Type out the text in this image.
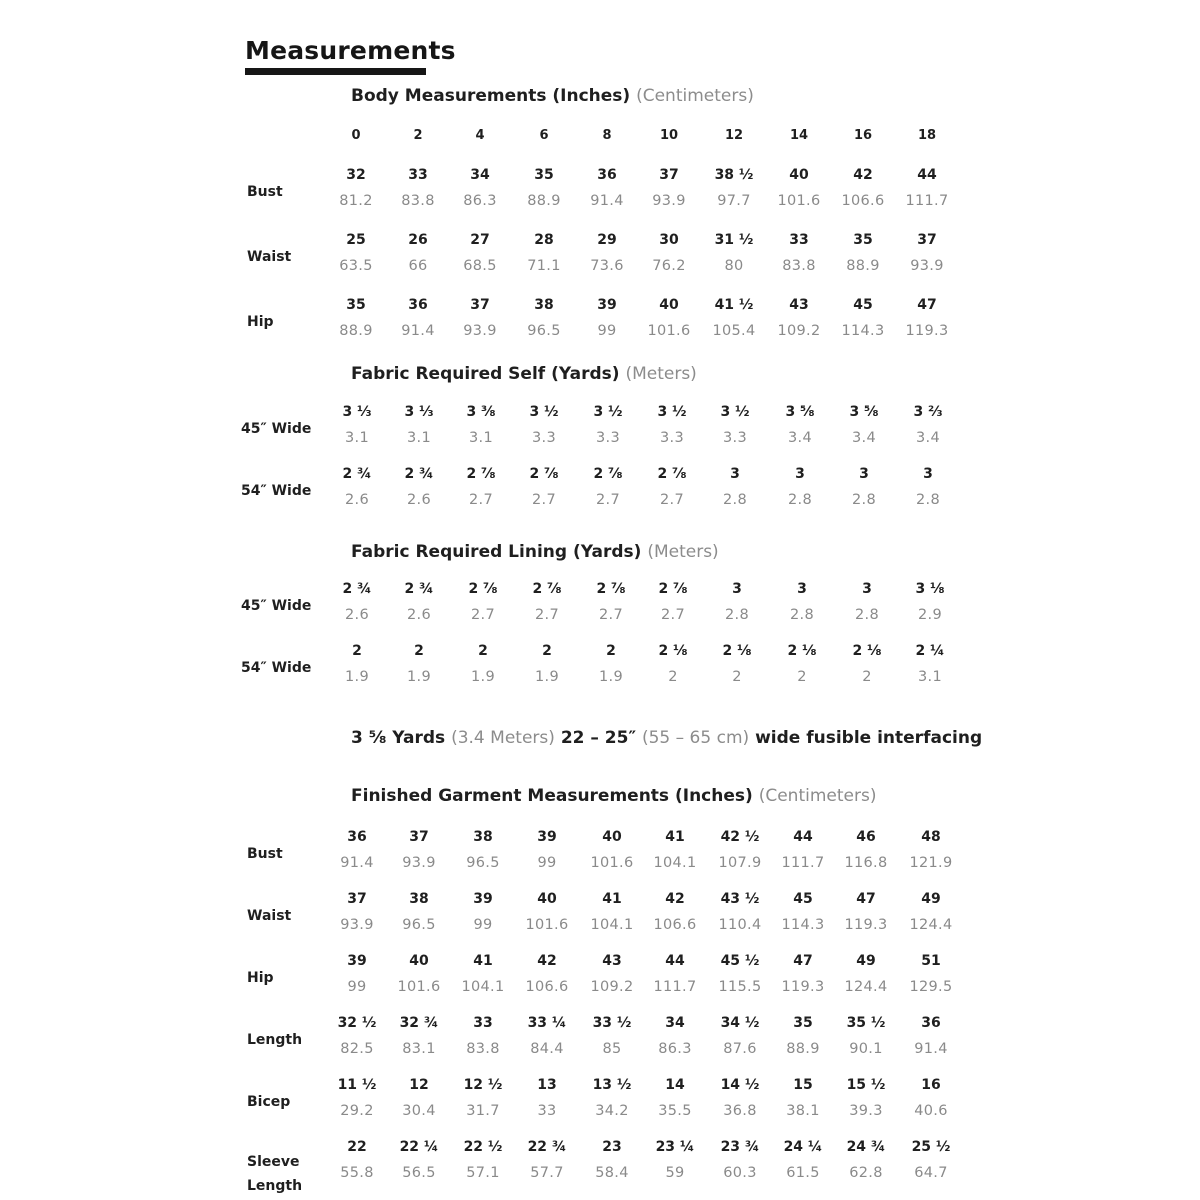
Measurements
0	2	4	6	8	10	12	14	16	18
Body Measurements (Inches) (Centimeters)
Bust
32	33	34	35	36	37	38 ½	40	42	44
81.2	83.8	86.3	88.9	91.4	93.9	97.7	101.6	106.6	111.7
Waist
25	26	27	28	29	30	31 ½	33	35	37
63.5	66	68.5	71.1	73.6	76.2	80	83.8	88.9	93.9
Hip
35	36	37	38	39	40	41 ½	43	45	47
88.9	91.4	93.9	96.5	99	101.6	105.4	109.2	114.3	119.3
Fabric Required Self (Yards) (Meters)
45″ Wide
3 ⅓	3 ⅓	3 ⅜	3 ½	3 ½	3 ½	3 ½	3 ⅝	3 ⅝	3 ⅔
3.1	3.1	3.1	3.3	3.3	3.3	3.3	3.4	3.4	3.4
54″ Wide
2 ¾	2 ¾	2 ⅞	2 ⅞	2 ⅞	2 ⅞	3	3	3	3
2.6	2.6	2.7	2.7	2.7	2.7	2.8	2.8	2.8	2.8
Fabric Required Lining (Yards) (Meters)
45″ Wide
2 ¾	2 ¾	2 ⅞	2 ⅞	2 ⅞	2 ⅞	3	3	3	3 ⅛
2.6	2.6	2.7	2.7	2.7	2.7	2.8	2.8	2.8	2.9
54″ Wide
2	2	2	2	2	2 ⅛	2 ⅛	2 ⅛	2 ⅛	2 ¼
1.9	1.9	1.9	1.9	1.9	2	2	2	2	3.1
Finished Garment Measurements (Inches) (Centimeters)
Bust
36	37	38	39	40	41	42 ½	44	46	48
91.4	93.9	96.5	99	101.6	104.1	107.9	111.7	116.8	121.9
Waist
37	38	39	40	41	42	43 ½	45	47	49
93.9	96.5	99	101.6	104.1	106.6	110.4	114.3	119.3	124.4
Hip
39	40	41	42	43	44	45 ½	47	49	51
99	101.6	104.1	106.6	109.2	111.7	115.5	119.3	124.4	129.5
Length
32 ½	32 ¾	33	33 ¼	33 ½	34	34 ½	35	35 ½	36
82.5	83.1	83.8	84.4	85	86.3	87.6	88.9	90.1	91.4
Bicep
11 ½	12	12 ½	13	13 ½	14	14 ½	15	15 ½	16
29.2	30.4	31.7	33	34.2	35.5	36.8	38.1	39.3	40.6
Sleeve
Length
22	22 ¼	22 ½	22 ¾	23	23 ¼	23 ¾	24 ¼	24 ¾	25 ½
55.8	56.5	57.1	57.7	58.4	59	60.3	61.5	62.8	64.7
3 ⅝ Yards (3.4 Meters) 22 – 25″ (55 – 65 cm) wide fusible interfacing
